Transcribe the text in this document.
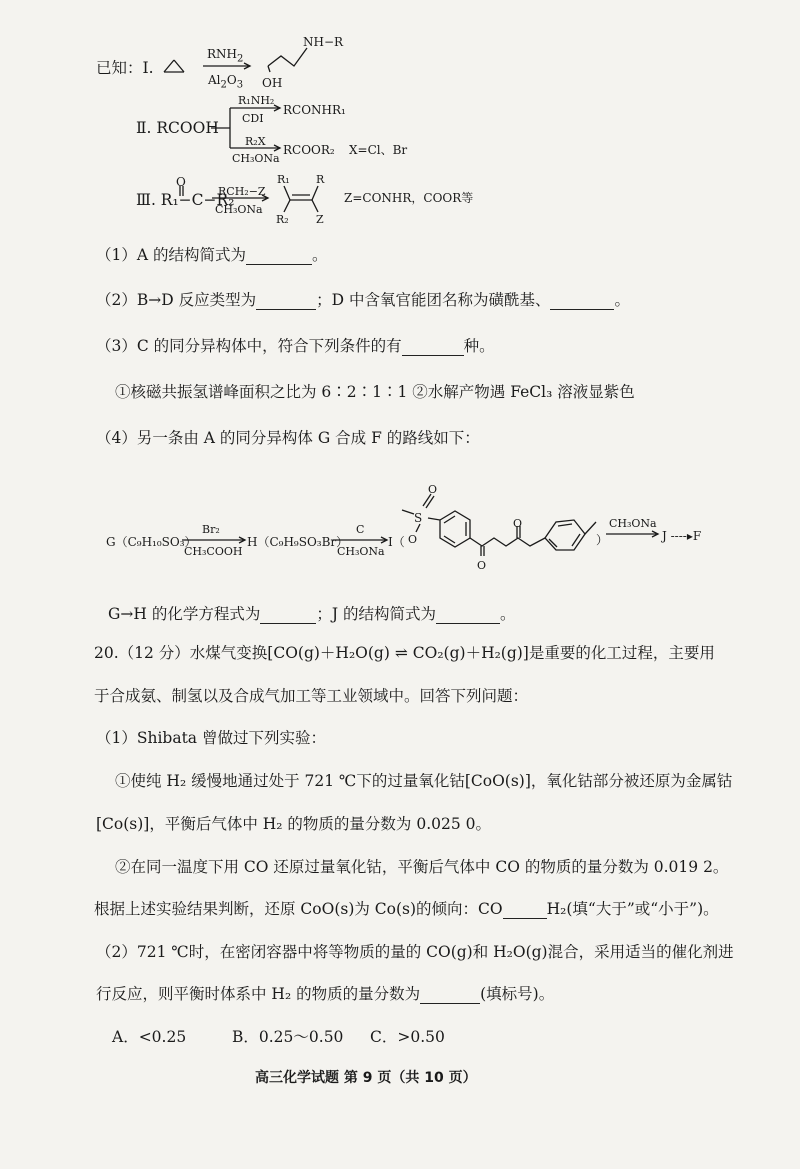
已知：Ⅰ.
$RNH_2$
$Al_2O_3$
NH−R
OH
Ⅱ. RCOOH
R₁NH₂
CDI
RCONHR₁
R₂X
CH₃ONa
RCOOR₂ X=Cl、Br
O
Ⅲ. R₁−C−R₂
RCH₂−Z
CH₃ONa
R₁ R
R₂ Z
Z=CONHR，COOR等
（1）A 的结构简式为	。
（2）B→D 反应类型为	；D 中含氧官能团名称为磺酰基、	。
（3）C 的同分异构体中，符合下列条件的有	种。
①核磁共振氢谱峰面积之比为 6∶2∶1∶1 ②水解产物遇 FeCl₃ 溶液显紫色
（4）另一条由 A 的同分异构体 G 合成 F 的路线如下：
G（C₉H₁₀SO₃）
Br₂
CH₃COOH
H（C₉H₉SO₃Br）
C
CH₃ONa
I（
S
O
O
O
O
）
CH₃ONa
J ----▸F
G→H 的化学方程式为	；J 的结构简式为	。
20.（12 分）水煤气变换[CO(g)＋H₂O(g) ⇌ CO₂(g)＋H₂(g)]是重要的化工过程，主要用
于合成氨、制氢以及合成气加工等工业领域中。回答下列问题：
（1）Shibata 曾做过下列实验：
①使纯 H₂ 缓慢地通过处于 721 ℃下的过量氧化钴[CoO(s)]，氧化钴部分被还原为金属钴
[Co(s)]，平衡后气体中 H₂ 的物质的量分数为 0.025 0。
②在同一温度下用 CO 还原过量氧化钴，平衡后气体中 CO 的物质的量分数为 0.019 2。
根据上述实验结果判断，还原 CoO(s)为 Co(s)的倾向：CO	H₂(填“大于”或“小于”)。
（2）721 ℃时，在密闭容器中将等物质的量的 CO(g)和 H₂O(g)混合，采用适当的催化剂进
行反应，则平衡时体系中 H₂ 的物质的量分数为	(填标号)。
A．<0.25	B．0.25～0.50 C．>0.50
高三化学试题 第 9 页（共 10 页）
